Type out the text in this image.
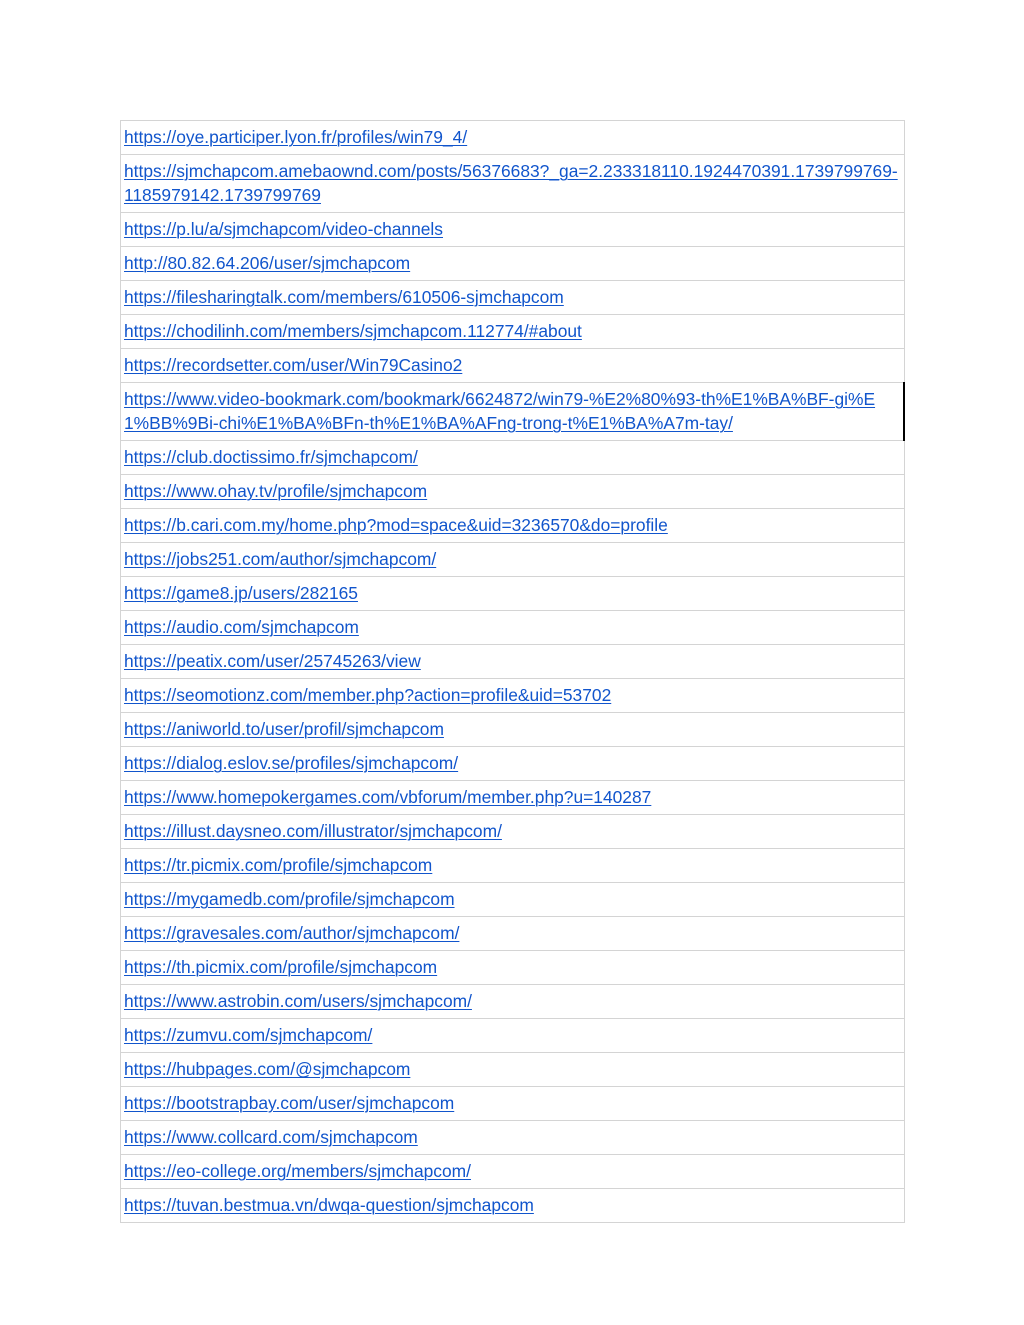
https://oye.participer.lyon.fr/profiles/win79_4/
https://sjmchapcom.amebaownd.com/posts/56376683?_ga=2.233318110.1924470391.1739799769-1185979142.1739799769
https://p.lu/a/sjmchapcom/video-channels
http://80.82.64.206/user/sjmchapcom
https://filesharingtalk.com/members/610506-sjmchapcom
https://chodilinh.com/members/sjmchapcom.112774/#about
https://recordsetter.com/user/Win79Casino2
https://www.video-bookmark.com/bookmark/6624872/win79-%E2%80%93-th%E1%BA%BF-gi%E1%BB%9Bi-chi%E1%BA%BFn-th%E1%BA%AFng-trong-t%E1%BA%A7m-tay/
https://club.doctissimo.fr/sjmchapcom/
https://www.ohay.tv/profile/sjmchapcom
https://b.cari.com.my/home.php?mod=space&uid=3236570&do=profile
https://jobs251.com/author/sjmchapcom/
https://game8.jp/users/282165
https://audio.com/sjmchapcom
https://peatix.com/user/25745263/view
https://seomotionz.com/member.php?action=profile&uid=53702
https://aniworld.to/user/profil/sjmchapcom
https://dialog.eslov.se/profiles/sjmchapcom/
https://www.homepokergames.com/vbforum/member.php?u=140287
https://illust.daysneo.com/illustrator/sjmchapcom/
https://tr.picmix.com/profile/sjmchapcom
https://mygamedb.com/profile/sjmchapcom
https://gravesales.com/author/sjmchapcom/
https://th.picmix.com/profile/sjmchapcom
https://www.astrobin.com/users/sjmchapcom/
https://zumvu.com/sjmchapcom/
https://hubpages.com/@sjmchapcom
https://bootstrapbay.com/user/sjmchapcom
https://www.collcard.com/sjmchapcom
https://eo-college.org/members/sjmchapcom/
https://tuvan.bestmua.vn/dwqa-question/sjmchapcom
